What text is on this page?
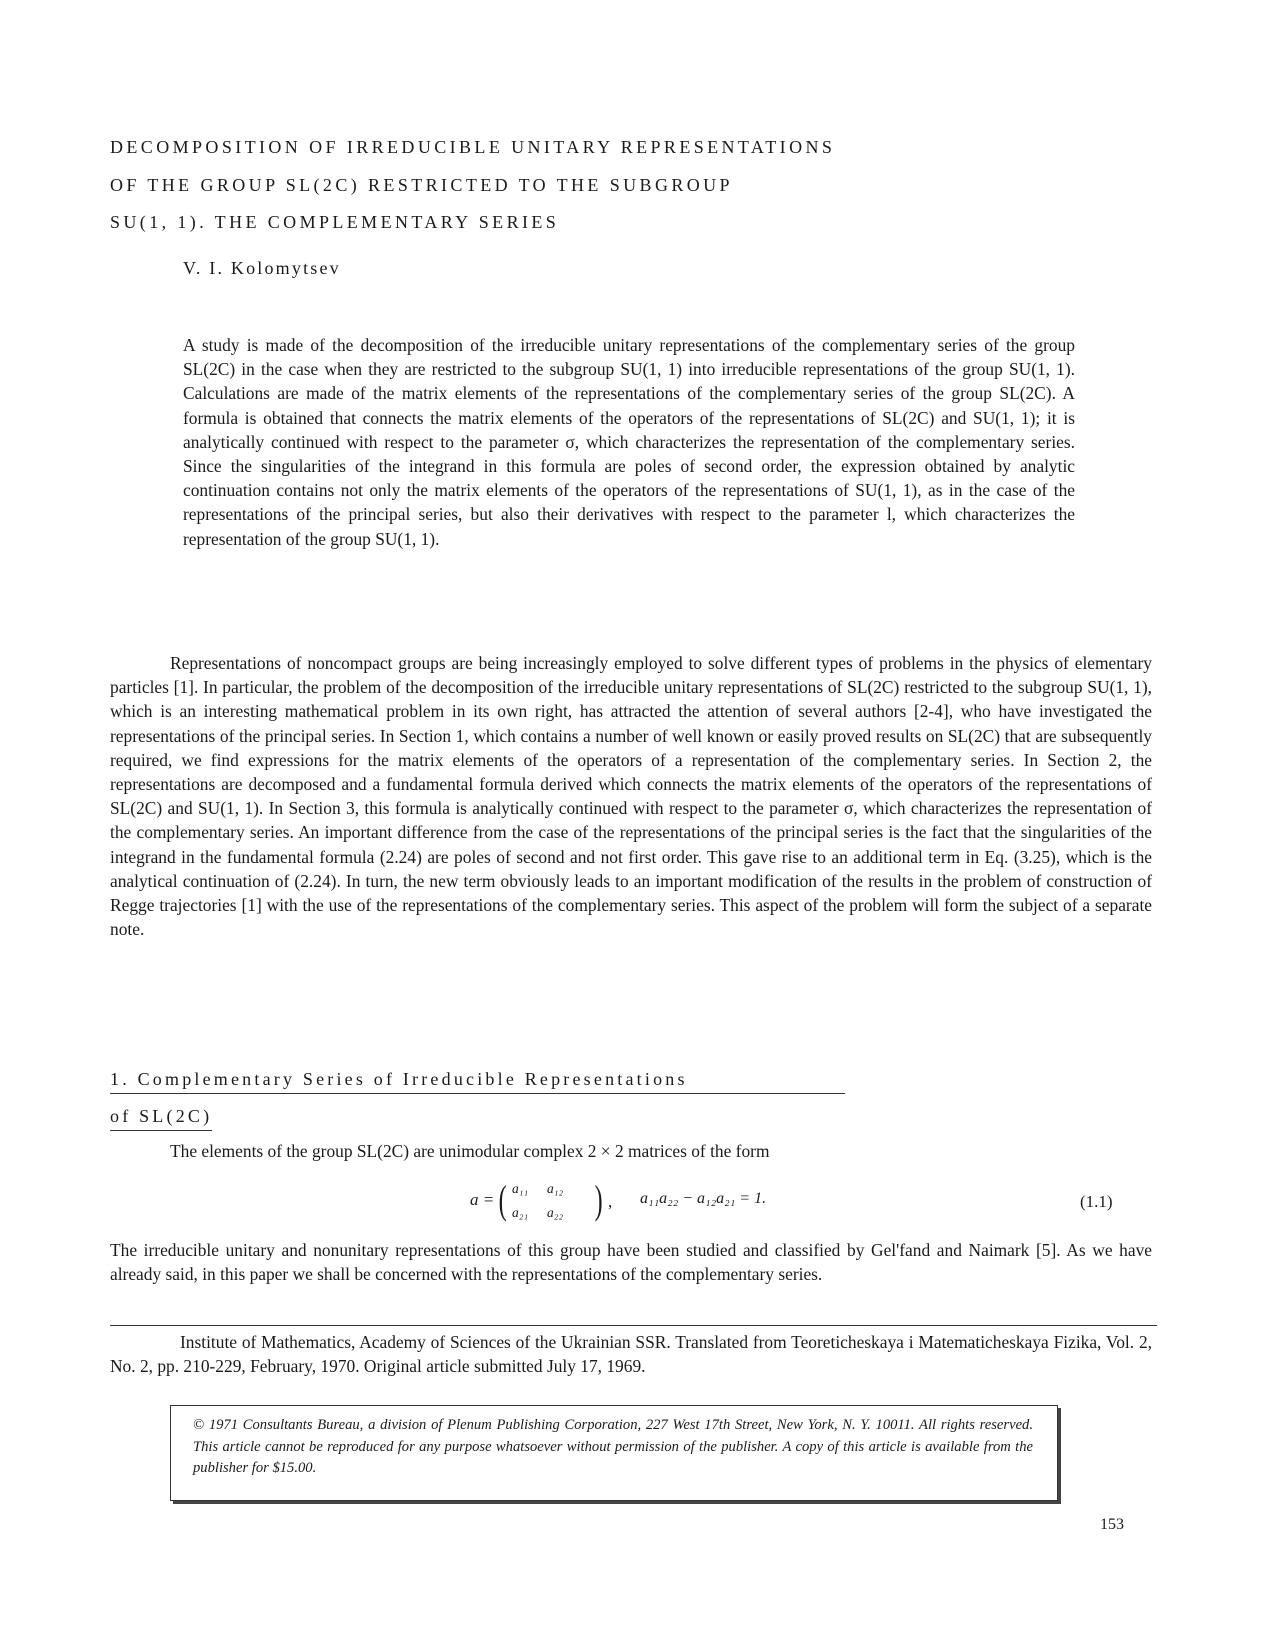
DECOMPOSITION OF IRREDUCIBLE UNITARY REPRESENTATIONS
OF THE GROUP SL(2C) RESTRICTED TO THE SUBGROUP
SU(1, 1). THE COMPLEMENTARY SERIES
V. I. Kolomytsev

A study is made of the decomposition of the irreducible unitary representations of the complementary series of the group SL(2C) in the case when they are restricted to the subgroup SU(1, 1) into irreducible representations of the group SU(1, 1). Calculations are made of the matrix elements of the representations of the complementary series of the group SL(2C). A formula is obtained that connects the matrix elements of the operators of the representations of SL(2C) and SU(1, 1); it is analytically continued with respect to the parameter σ, which characterizes the representation of the complementary series. Since the singularities of the integrand in this formula are poles of second order, the expression obtained by analytic continuation contains not only the matrix elements of the operators of the representations of SU(1, 1), as in the case of the representations of the principal series, but also their derivatives with respect to the parameter l, which characterizes the representation of the group SU(1, 1).

Representations of noncompact groups are being increasingly employed to solve different types of problems in the physics of elementary particles [1]. In particular, the problem of the decomposition of the irreducible unitary representations of SL(2C) restricted to the subgroup SU(1, 1), which is an interesting mathematical problem in its own right, has attracted the attention of several authors [2-4], who have investigated the representations of the principal series. In Section 1, which contains a number of well known or easily proved results on SL(2C) that are subsequently required, we find expressions for the matrix elements of the operators of a representation of the complementary series. In Section 2, the representations are decomposed and a fundamental formula derived which connects the matrix elements of the operators of the representations of SL(2C) and SU(1, 1). In Section 3, this formula is analytically continued with respect to the parameter σ, which characterizes the representation of the complementary series. An important difference from the case of the representations of the principal series is the fact that the singularities of the integrand in the fundamental formula (2.24) are poles of second and not first order. This gave rise to an additional term in Eq. (3.25), which is the analytical continuation of (2.24). In turn, the new term obviously leads to an important modification of the results in the problem of construction of Regge trajectories [1] with the use of the representations of the complementary series. This aspect of the problem will form the subject of a separate note.

1. Complementary Series of Irreducible Representations
of SL(2C)
The elements of the group SL(2C) are unimodular complex 2 × 2 matrices of the form
a = ( a₁₁ a₁₂
a₂₁ a₂₂ ) , a₁₁a₂₂ − a₁₂a₂₁ = 1.	(1.1)

The irreducible unitary and nonunitary representations of this group have been studied and classified by Gel'fand and Naimark [5]. As we have already said, in this paper we shall be concerned with the representations of the complementary series.

Institute of Mathematics, Academy of Sciences of the Ukrainian SSR. Translated from Teoreticheskaya i Matematicheskaya Fizika, Vol. 2, No. 2, pp. 210-229, February, 1970. Original article submitted July 17, 1969.

© 1971 Consultants Bureau, a division of Plenum Publishing Corporation, 227 West 17th Street, New York, N. Y. 10011. All rights reserved. This article cannot be reproduced for any purpose whatsoever without permission of the publisher. A copy of this article is available from the publisher for $15.00.

153
